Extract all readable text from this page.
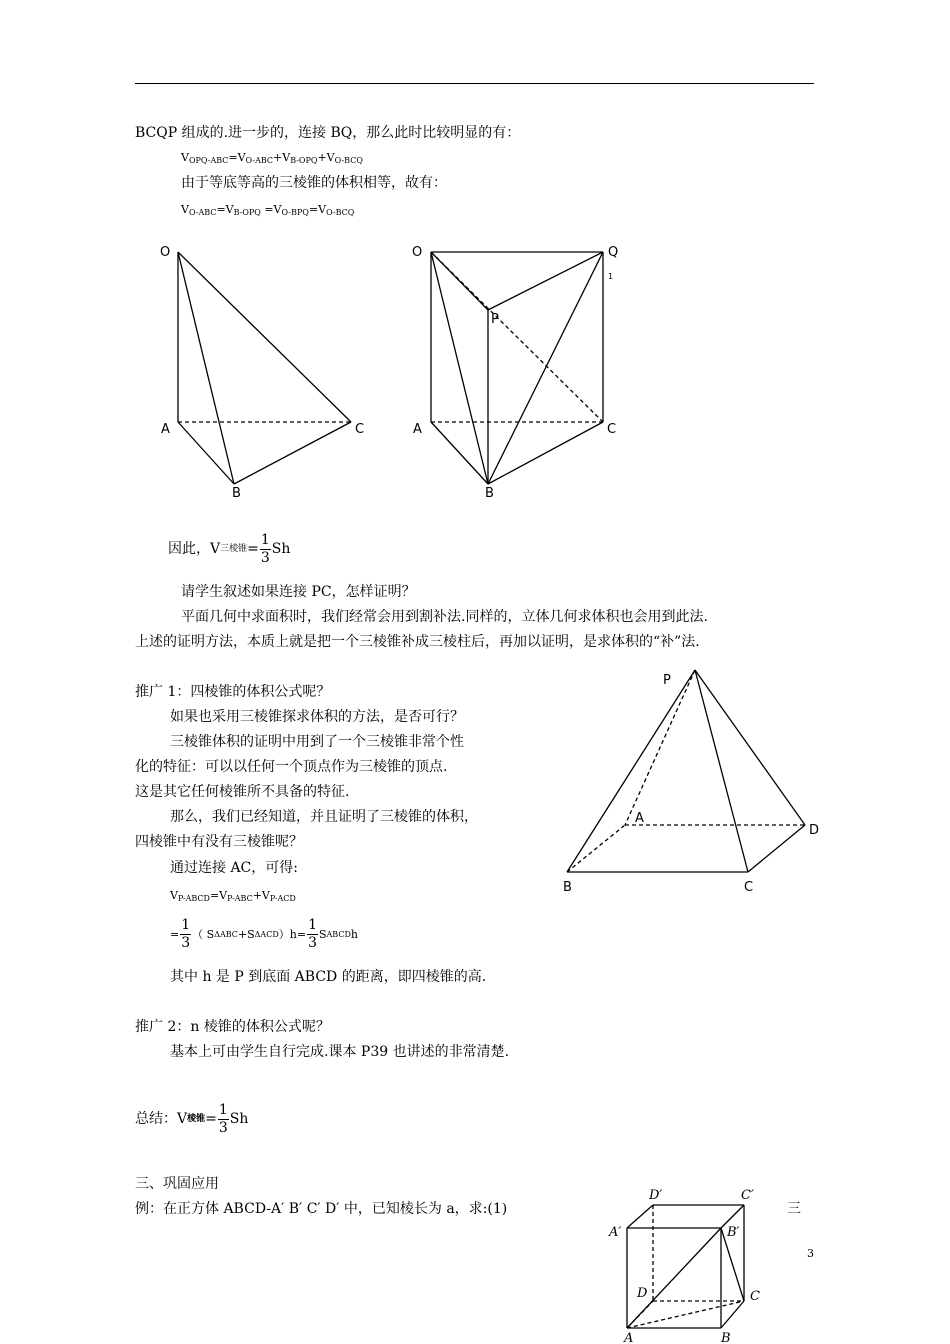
BCQP 组成的.进一步的，连接 BQ，那么此时比较明显的有：
$V_{OPQ-ABC}=V_{O-ABC}+V_{B-OPQ}+V_{O-BCQ}$
由于等底等高的三棱锥的体积相等，故有：
$V_{O-ABC}=V_{B-OPQ} =V_{O-BPQ}=V_{O-BCQ}$
O
A	C
B
O	Q
1
P
A	C
B
因此，V 三棱锥 = $\frac{1}{3}$ Sh
请学生叙述如果连接 PC，怎样证明？
平面几何中求面积时，我们经常会用到割补法.同样的，立体几何求体积也会用到此法.
上述的证明方法，本质上就是把一个三棱锥补成三棱柱后，再加以证明，是求体积的“补”法.
推广 1：四棱锥的体积公式呢？
如果也采用三棱锥探求体积的方法，是否可行？
三棱锥体积的证明中用到了一个三棱锥非常个性
化的特征：可以以任何一个顶点作为三棱锥的顶点.
这是其它任何棱锥所不具备的特征.
那么，我们已经知道，并且证明了三棱锥的体积，
四棱锥中有没有三棱锥呢？
通过连接 AC，可得:
$V_{P-ABCD}=V_{P-ABC}+V_{P-ACD}$
= $\frac{1}{3}$ （ S ΔABC +S ΔACD ）$h= \frac{1}{3}$ S ABCD h
其中 h 是 P 到底面 ABCD 的距离，即四棱锥的高.
P
A
D
B	C
推广 2：n 棱锥的体积公式呢？
基本上可由学生自行完成.课本 P39 也讲述的非常清楚.
总结：V 棱锥 = $\frac{1}{3}$ Sh
三、巩固应用
例：在正方体 ABCD-A′ B′ C′ D′ 中，已知棱长为 a，求:(1)	三
3
D′	C′
A′	B′
D	C
A	B
